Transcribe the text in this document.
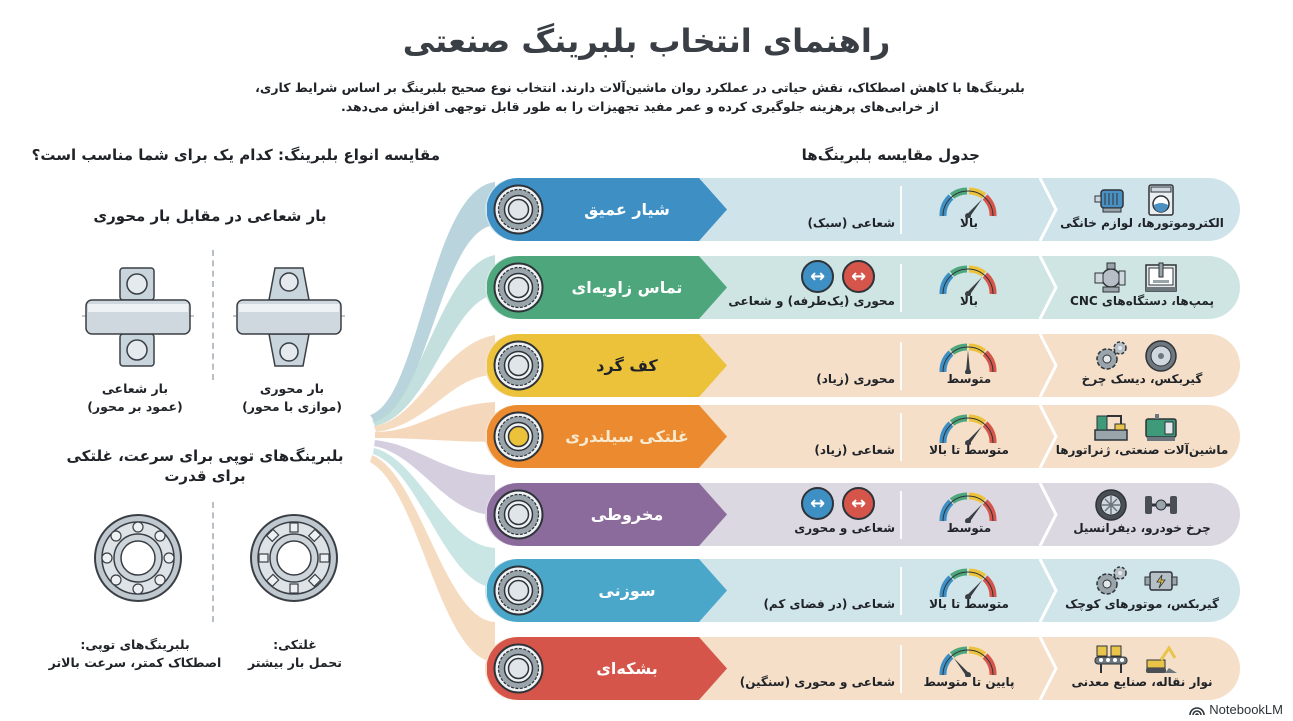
راهنمای انتخاب بلبرینگ صنعتی
بلبرینگ‌ها با کاهش اصطکاک، نقش حیاتی در عملکرد روان ماشین‌آلات دارند. انتخاب نوع صحیح بلبرینگ بر اساس شرایط کاری، از خرابی‌های پرهزینه جلوگیری کرده و عمر مفید تجهیزات را به طور قابل توجهی افزایش می‌دهد.
مقایسه انواع بلبرینگ: کدام یک برای شما مناسب است؟	جدول مقایسه بلبرینگ‌ها
بار شعاعی در مقابل بار محوری
بار شعاعی
(عمود بر محور)
بار محوری
(موازی با محور)
بلبرینگ‌های توپی برای سرعت، غلتکی
برای قدرت
بلبرینگ‌های توپی:
اصطکاک کمتر، سرعت بالاتر
غلتکی:
تحمل بار بیشتر
شیار عمیق
شعاعی (سبک)	بالا	الکتروموتورها، لوازم خانگی
تماس زاویه‌ای
↔	↔
محوری (یک‌طرفه) و شعاعی	بالا	پمپ‌ها، دستگاه‌های CNC
کف گرد
محوری (زیاد)	متوسط	گیربکس، دیسک چرخ
غلتکی سیلندری
شعاعی (زیاد)	متوسط تا بالا	ماشین‌آلات صنعتی، ژنراتورها
مخروطی
↔	↔
شعاعی و محوری	متوسط	چرخ خودرو، دیفرانسیل
سوزنی
شعاعی (در فضای کم)	متوسط تا بالا	گیربکس، موتورهای کوچک
بشکه‌ای
شعاعی و محوری (سنگین)	پایین تا متوسط	نوار نقاله، صنایع معدنی
NotebookLM
